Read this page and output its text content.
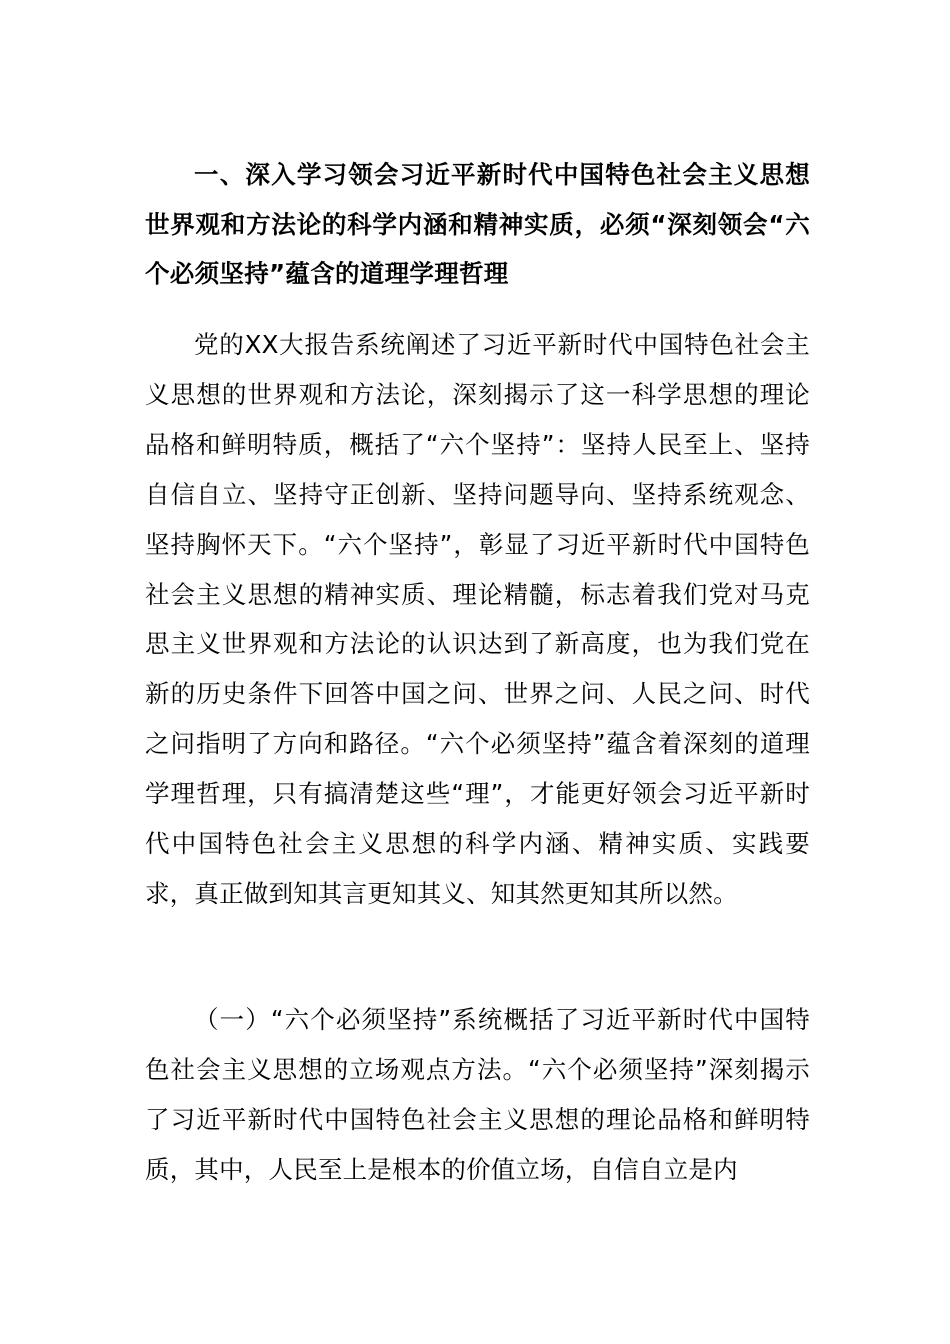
一、深入学习领会习近平新时代中国特色社会主义思想世界观和方法论的科学内涵和精神实质，必须“深刻领会“六个必须坚持”蕴含的道理学理哲理

党的XX大报告系统阐述了习近平新时代中国特色社会主义思想的世界观和方法论，深刻揭示了这一科学思想的理论品格和鲜明特质，概括了“六个坚持”：坚持人民至上、坚持自信自立、坚持守正创新、坚持问题导向、坚持系统观念、坚持胸怀天下。“六个坚持”，彰显了习近平新时代中国特色社会主义思想的精神实质、理论精髓，标志着我们党对马克思主义世界观和方法论的认识达到了新高度，也为我们党在新的历史条件下回答中国之问、世界之问、人民之问、时代之问指明了方向和路径。“六个必须坚持”蕴含着深刻的道理学理哲理，只有搞清楚这些“理”，才能更好领会习近平新时代中国特色社会主义思想的科学内涵、精神实质、实践要求，真正做到知其言更知其义、知其然更知其所以然。

（一）“六个必须坚持”系统概括了习近平新时代中国特色社会主义思想的立场观点方法。“六个必须坚持”深刻揭示了习近平新时代中国特色社会主义思想的理论品格和鲜明特质，其中，人民至上是根本的价值立场，自信自立是内
